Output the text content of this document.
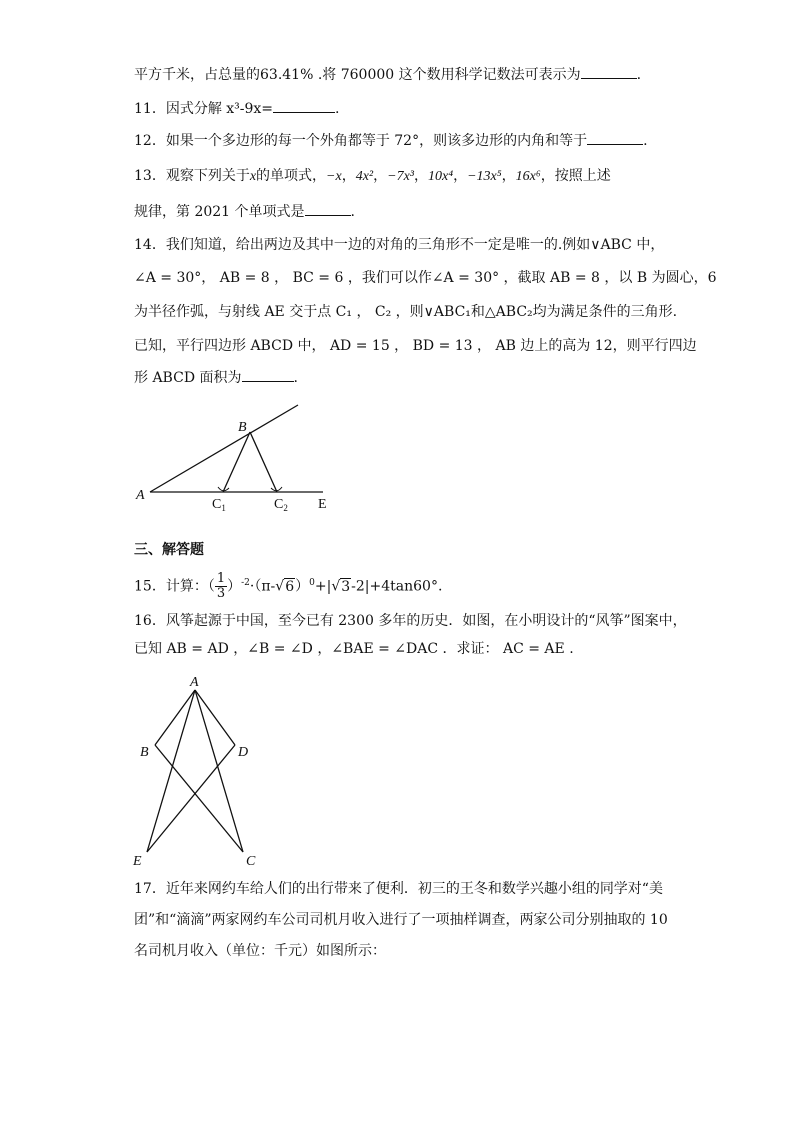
平方千米，占总量的63.41% .将 760000 这个数用科学记数法可表示为	.
11．因式分解 x³-9x=	.
12．如果一个多边形的每一个外角都等于 72°，则该多边形的内角和等于	.
13．观察下列关于x的单项式，−x，4x²，−7x³，10x⁴，−13x⁵，16x⁶，按照上述
规律，第 2021 个单项式是	.
14．我们知道，给出两边及其中一边的对角的三角形不一定是唯一的.例如∨ABC 中，
∠A = 30°， AB = 8 ， BC = 6 ，我们可以作∠A = 30° ，截取 AB = 8 ，以 B 为圆心，6
为半径作弧，与射线 AE 交于点 C₁ ， C₂ ，则∨ABC₁和△ABC₂均为满足条件的三角形.
已知，平行四边形 ABCD 中， AD = 15 ， BD = 13 ， AB 边上的高为 12，则平行四边
形 ABCD 面积为	.
A
B
$C_1$	$C_2$ E
三、解答题
15．计算：（ $\frac{1}{3} )^{-2}\cdot(\pi-√6)^0+|√3-2|+4\tan 60^\circ$.
16．风筝起源于中国，至今已有 2300 多年的历史．如图，在小明设计的“风筝”图案中，
已知 AB = AD ，∠B = ∠D ，∠BAE = ∠DAC ．求证： AC = AE .
A
B	D
E	C
17．近年来网约车给人们的出行带来了便利．初三的王冬和数学兴趣小组的同学对“美
团”和“滴滴”两家网约车公司司机月收入进行了一项抽样调查，两家公司分别抽取的 10
名司机月收入（单位：千元）如图所示：
